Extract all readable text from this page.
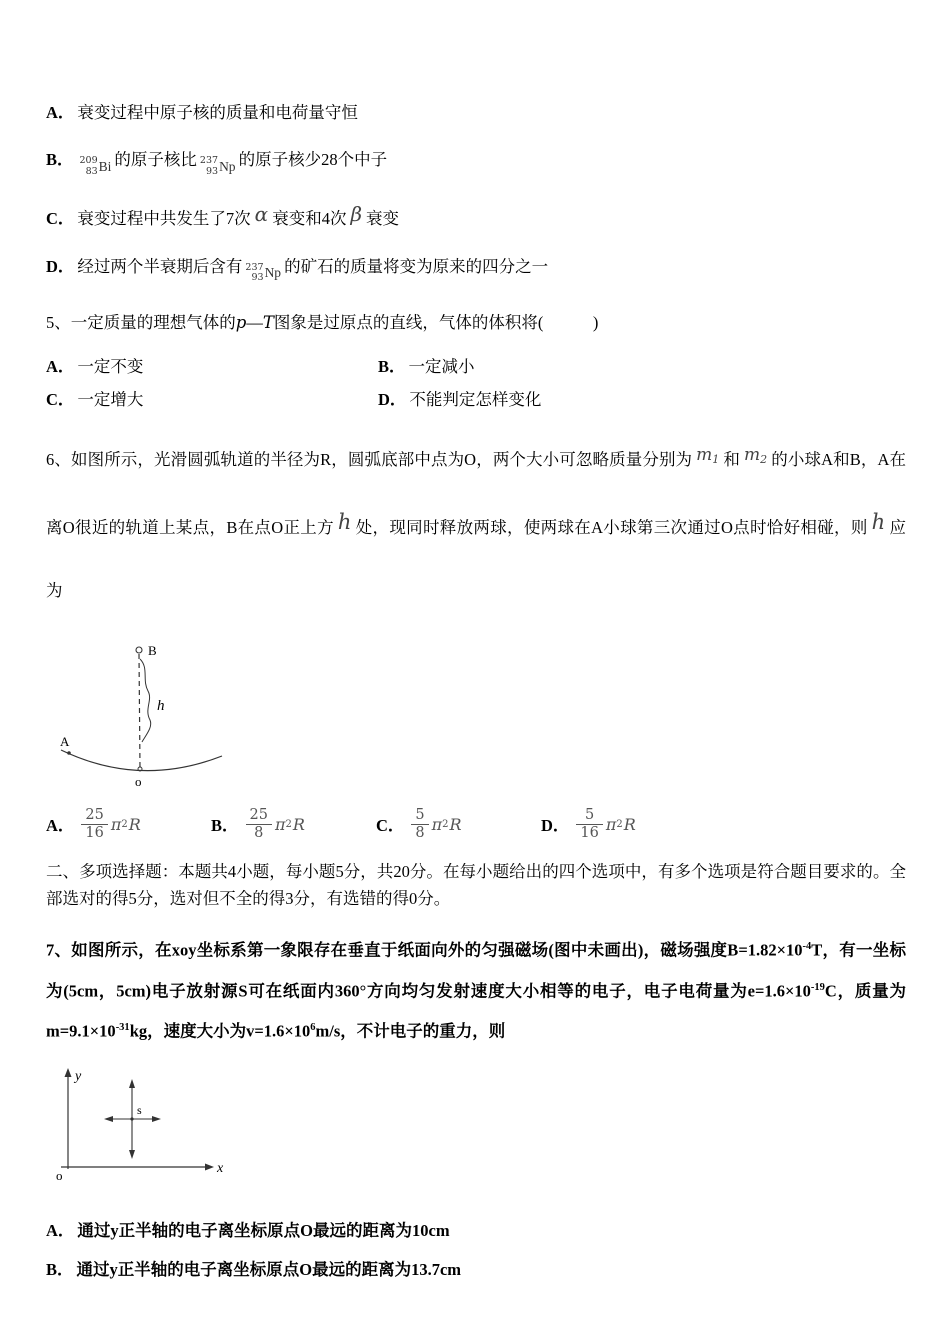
A． 衰变过程中原子核的质量和电荷量守恒
B． 209
83 Bi 的原子核比 237
93 Np 的原子核少28个中子
C． 衰变过程中共发生了7次 α 衰变和4次 β 衰变
D． 经过两个半衰期后含有 237
93 Np 的矿石的质量将变为原来的四分之一

5、一定质量的理想气体的p—T图象是过原点的直线，气体的体积将(　　　)

A． 一定不变	B． 一定减小
C． 一定增大	D． 不能判定怎样变化

6、如图所示，光滑圆弧轨道的半径为R，圆弧底部中点为O，两个大小可忽略质量分别为 $m_1$ 和 $m_2$ 的小球A和B，A在离O很近的轨道上某点，B在点O正上方 h 处，现同时释放两球，使两球在A小球第三次通过O点时恰好相碰，则 h 应为

B
h
o
A
A． $\frac{25}{16}$ π 2 R	B． $\frac{25}{8}$ π 2 R	C． $\frac{5}{8}$ π 2 R	D． $\frac{5}{16}$ π 2 R

二、多项选择题：本题共4小题，每小题5分，共20分。在每小题给出的四个选项中，有多个选项是符合题目要求的。全部选对的得5分，选对但不全的得3分，有选错的得0分。

7、如图所示，在xoy坐标系第一象限存在垂直于纸面向外的匀强磁场(图中未画出)，磁场强度$B=1.82\times 10^{-4}T$，有一坐标为(5cm，5cm)电子放射源S可在纸面内360°方向均匀发射速度大小相等的电子，电子电荷量为$e=1.6\times 10^{-19}C$，质量为$m=9.1\times 10^{-31}kg$，速度大小为$v=1.6\times 10^6m/s$，不计电子的重力，则

y
x
o
s
A． 通过y正半轴的电子离坐标原点O最远的距离为10cm
B． 通过y正半轴的电子离坐标原点O最远的距离为13.7cm
